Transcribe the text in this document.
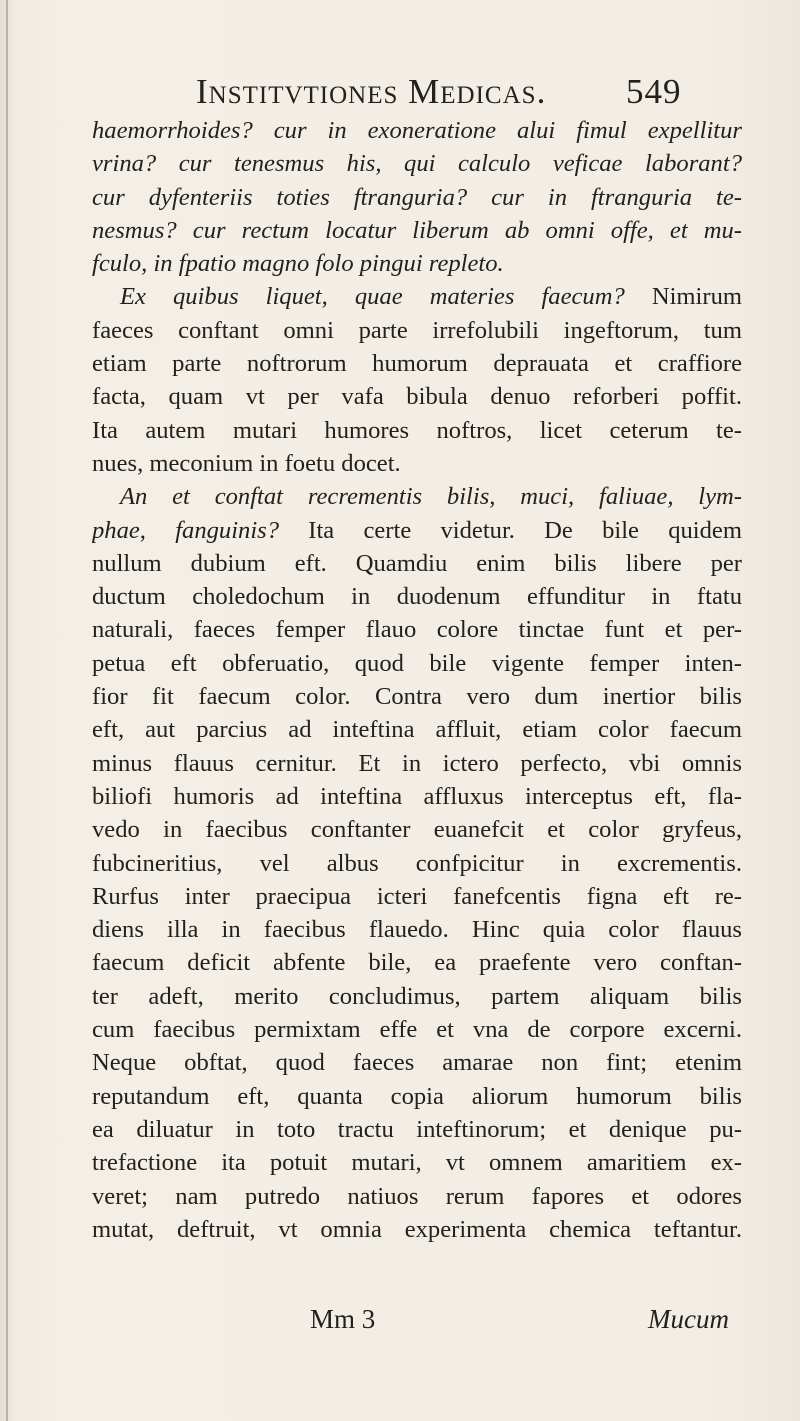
Institvtiones Medicas. 549
haemorrhoides? cur in exoneratione alui fimul expellitur
vrina? cur tenesmus his, qui calculo veficae laborant?
cur dyfenteriis toties ftranguria? cur in ftranguria te-
nesmus? cur rectum locatur liberum ab omni offe, et mu-
fculo, in fpatio magno folo pingui repleto.
Ex quibus liquet, quae materies faecum? Nimirum
faeces conftant omni parte irrefolubili ingeftorum, tum
etiam parte noftrorum humorum deprauata et craffiore
facta, quam vt per vafa bibula denuo reforberi poffit.
Ita autem mutari humores noftros, licet ceterum te-
nues, meconium in foetu docet.
An et conftat recrementis bilis, muci, faliuae, lym-
phae, fanguinis? Ita certe videtur. De bile quidem
nullum dubium eft. Quamdiu enim bilis libere per
ductum choledochum in duodenum effunditur in ftatu
naturali, faeces femper flauo colore tinctae funt et per-
petua eft obferuatio, quod bile vigente femper inten-
fior fit faecum color. Contra vero dum inertior bilis
eft, aut parcius ad inteftina affluit, etiam color faecum
minus flauus cernitur. Et in ictero perfecto, vbi omnis
biliofi humoris ad inteftina affluxus interceptus eft, fla-
vedo in faecibus conftanter euanefcit et color gryfeus,
fubcineritius, vel albus confpicitur in excrementis.
Rurfus inter praecipua icteri fanefcentis figna eft re-
diens illa in faecibus flauedo. Hinc quia color flauus
faecum deficit abfente bile, ea praefente vero conftan-
ter adeft, merito concludimus, partem aliquam bilis
cum faecibus permixtam effe et vna de corpore excerni.
Neque obftat, quod faeces amarae non fint; etenim
reputandum eft, quanta copia aliorum humorum bilis
ea diluatur in toto tractu inteftinorum; et denique pu-
trefactione ita potuit mutari, vt omnem amaritiem ex-
veret; nam putredo natiuos rerum fapores et odores
mutat, deftruit, vt omnia experimenta chemica teftantur.
Mm 3	Mucum
